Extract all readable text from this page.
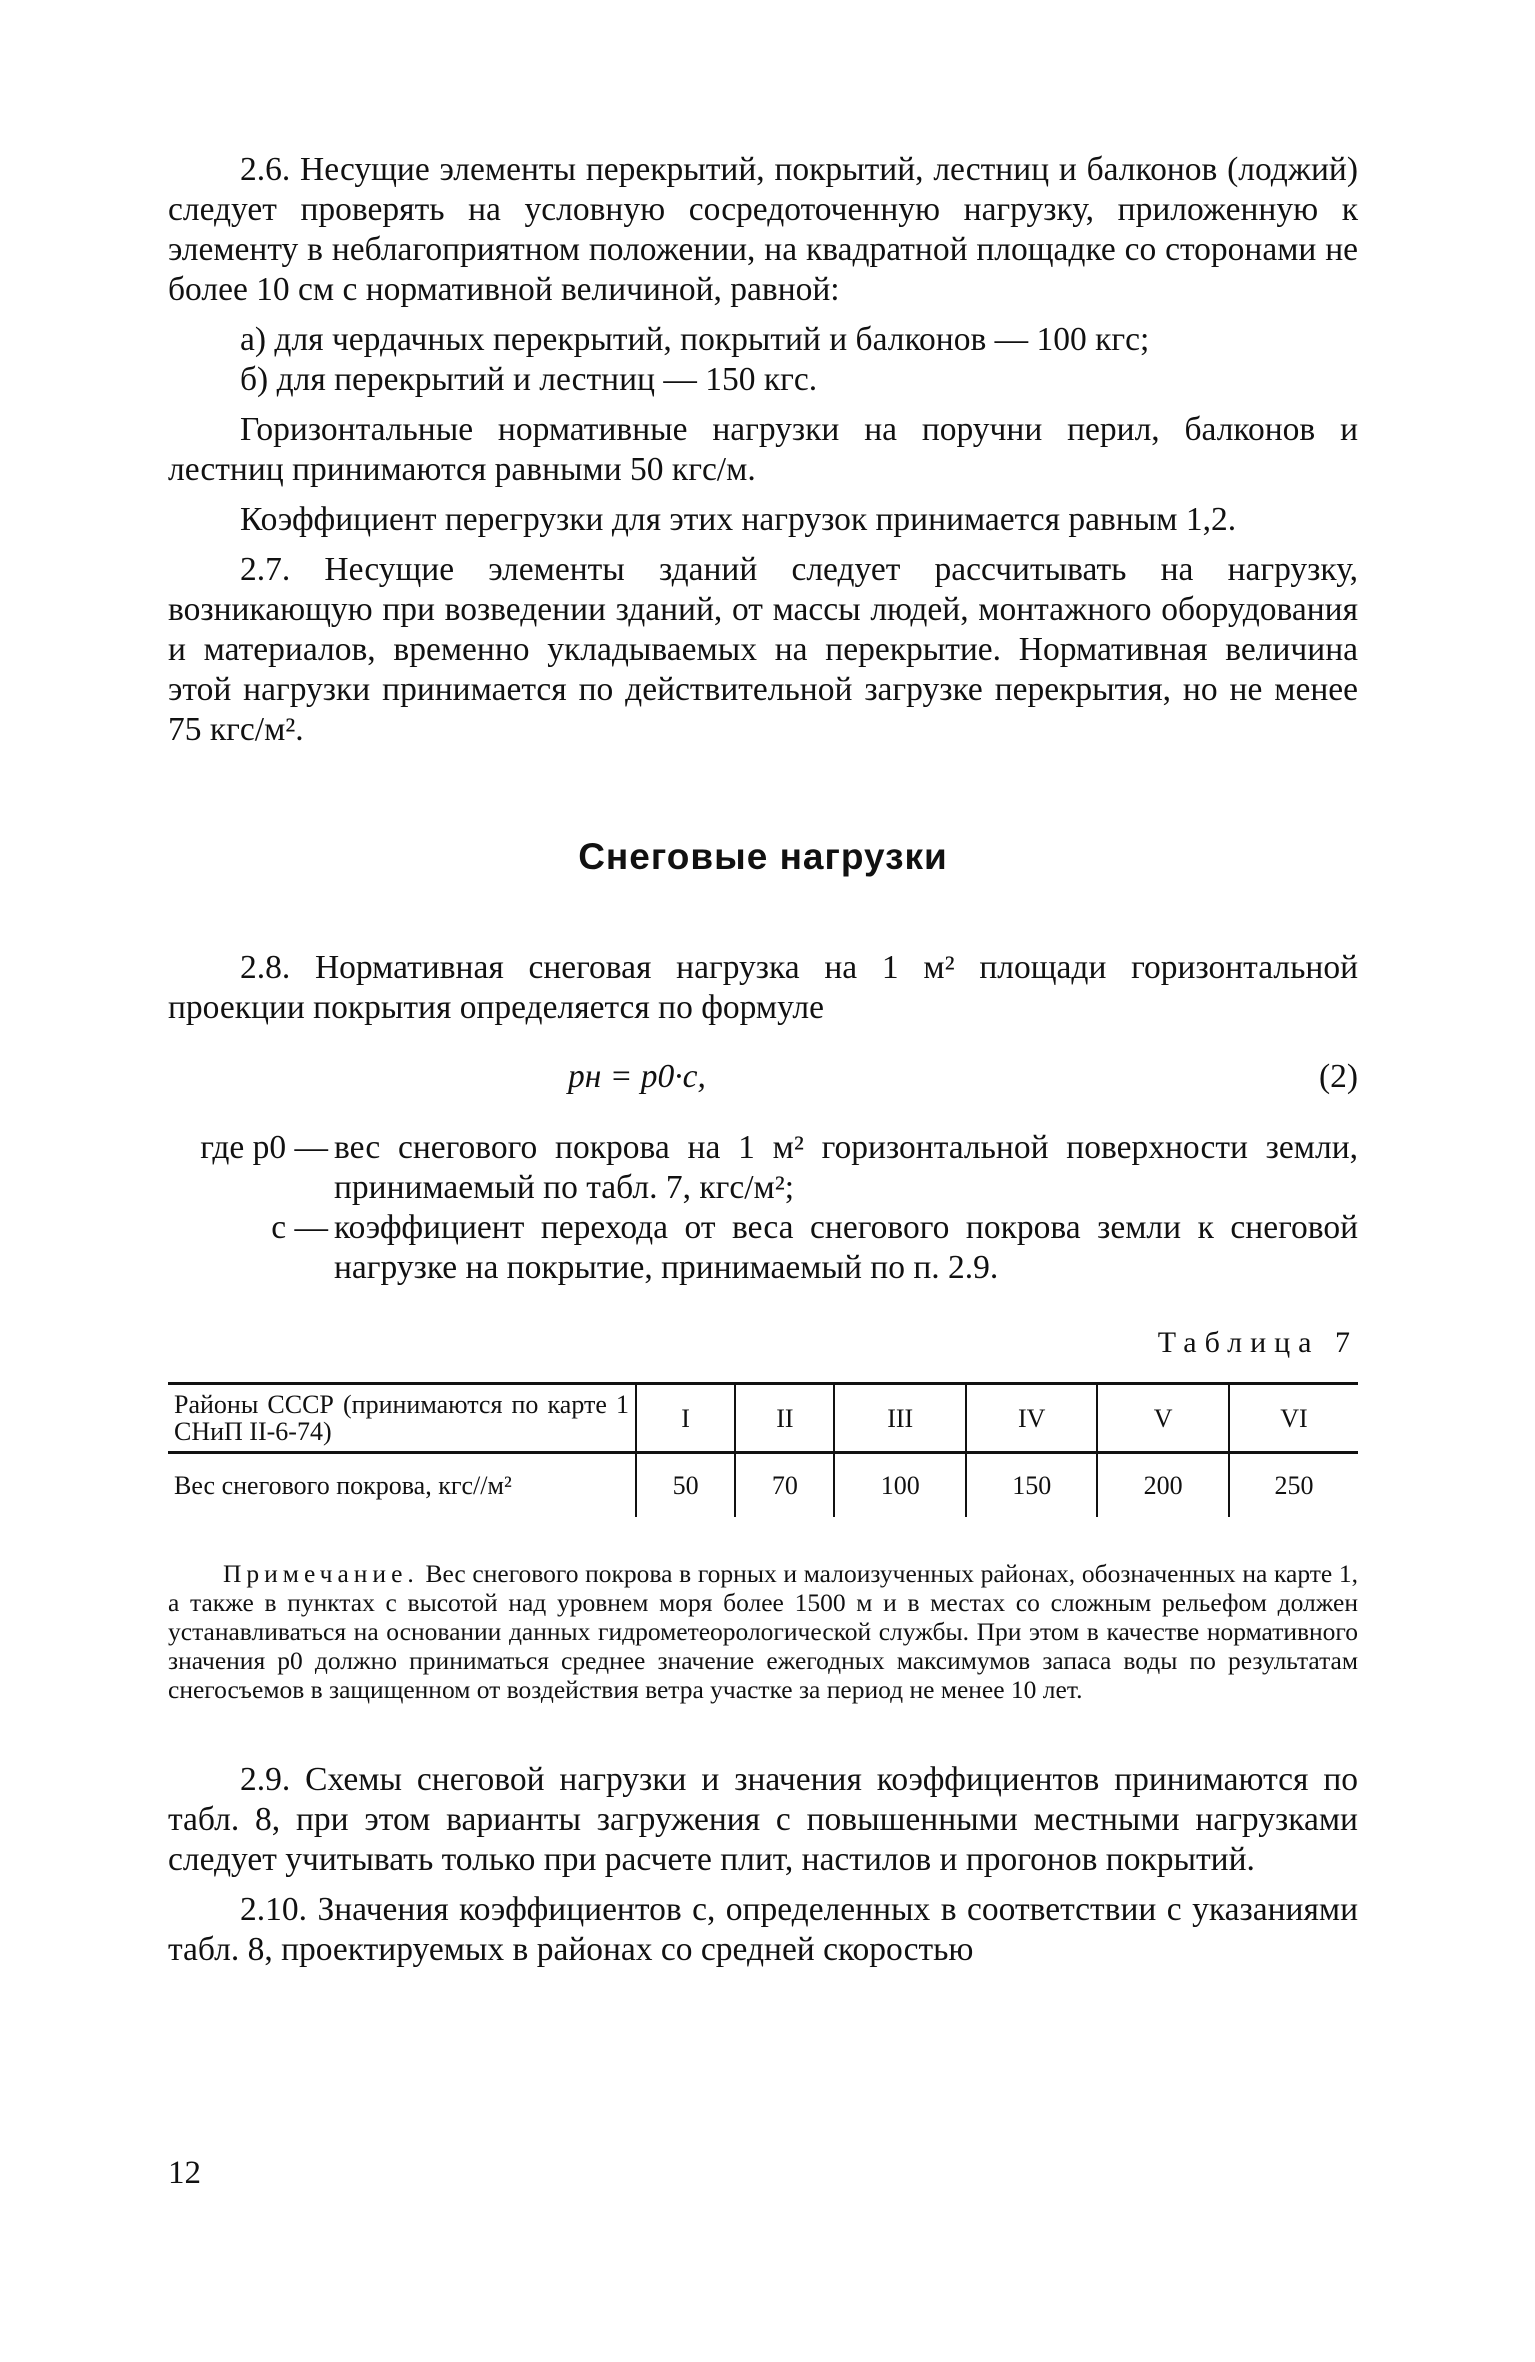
2.6. Несущие элементы перекрытий, покрытий, лестниц и балконов (лоджий) следует проверять на условную сосредоточенную нагрузку, приложенную к элементу в неблагоприятном положении, на квадратной площадке со сторонами не более 10 см с нормативной величиной, равной:

а) для чердачных перекрытий, покрытий и балконов — 100 кгс;

б) для перекрытий и лестниц — 150 кгс.

Горизонтальные нормативные нагрузки на поручни перил, балконов и лестниц принимаются равными 50 кгс/м.

Коэффициент перегрузки для этих нагрузок принимается равным 1,2.

2.7. Несущие элементы зданий следует рассчитывать на нагрузку, возникающую при возведении зданий, от массы людей, монтажного оборудования и материалов, временно укладываемых на перекрытие. Нормативная величина этой нагрузки принимается по действительной загрузке перекрытия, но не менее 75 кгс/м².

Снеговые нагрузки

2.8. Нормативная снеговая нагрузка на 1 м² площади горизонтальной проекции покрытия определяется по формуле

pн = p0·c,	(2)
где p0 — вес снегового покрова на 1 м² горизонтальной поверхности земли, принимаемый по табл. 7, кгс/м²;
c — коэффициент перехода от веса снегового покрова земли к снеговой нагрузке на покрытие, принимаемый по п. 2.9.
Таблица 7
Районы СССР (принимаются по карте 1 СНиП II-6-74)	I	II	III	IV	V	VI
Вес снегового покрова, кгс//м²	50	70	100	150	200	250

Примечание. Вес снегового покрова в горных и малоизученных районах, обозначенных на карте 1, а также в пунктах с высотой над уровнем моря более 1500 м и в местах со сложным рельефом должен устанавливаться на основании данных гидрометеорологической службы. При этом в качестве нормативного значения p0 должно приниматься среднее значение ежегодных максимумов запаса воды по результатам снегосъемов в защищенном от воздействия ветра участке за период не менее 10 лет.

2.9. Схемы снеговой нагрузки и значения коэффициентов принимаются по табл. 8, при этом варианты загружения с повышенными местными нагрузками следует учитывать только при расчете плит, настилов и прогонов покрытий.

2.10. Значения коэффициентов c, определенных в соответствии с указаниями табл. 8, проектируемых в районах со средней скоростью

12
